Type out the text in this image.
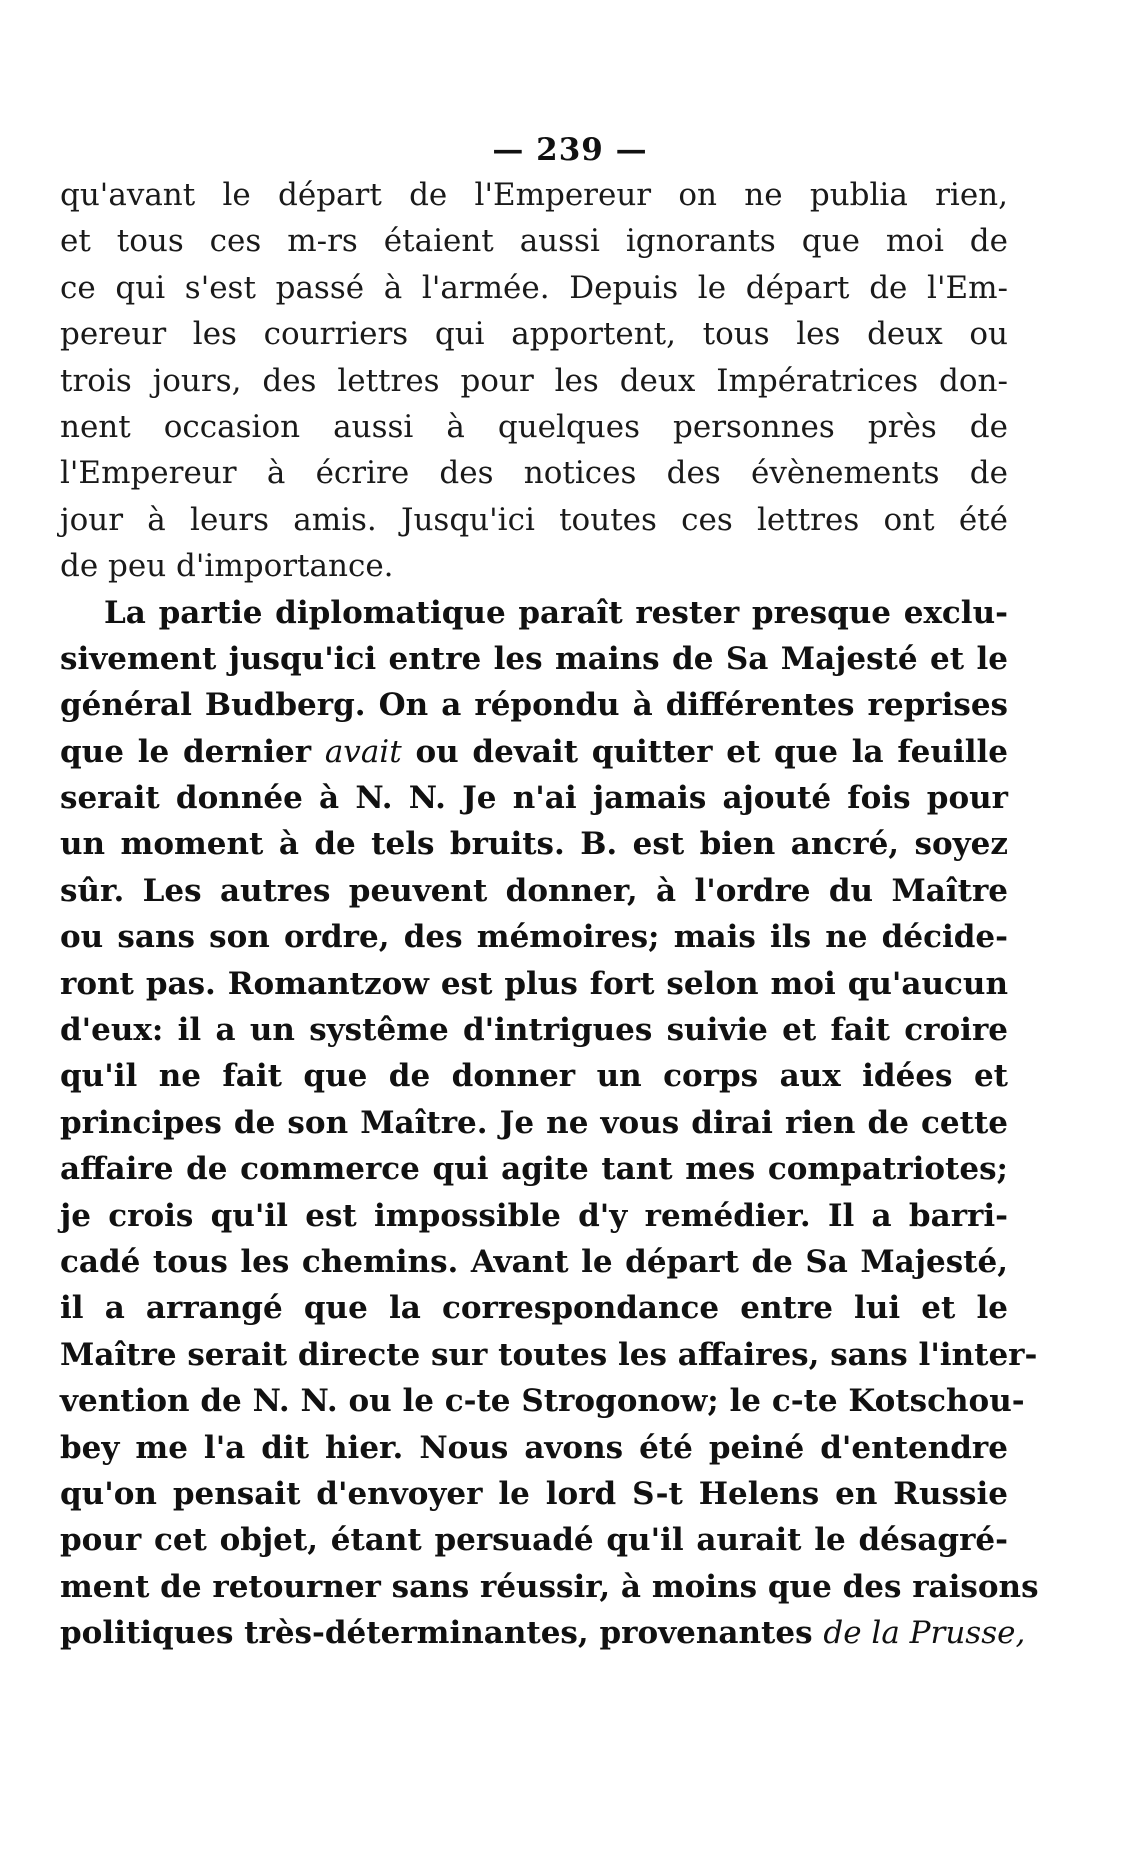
— 239 —
qu'avant le départ de l'Empereur on ne publia rien,
et tous ces m-rs étaient aussi ignorants que moi de
ce qui s'est passé à l'armée. Depuis le départ de l'Em-
pereur les courriers qui apportent, tous les deux ou
trois jours, des lettres pour les deux Impératrices don-
nent occasion aussi à quelques personnes près de
l'Empereur à écrire des notices des évènements de
jour à leurs amis. Jusqu'ici toutes ces lettres ont été
de peu d'importance.
La partie diplomatique paraît rester presque exclu-
sivement jusqu'ici entre les mains de Sa Majesté et le
général Budberg. On a répondu à différentes reprises
que le dernier avait ou devait quitter et que la feuille
serait donnée à N. N. Je n'ai jamais ajouté fois pour
un moment à de tels bruits. B. est bien ancré, soyez
sûr. Les autres peuvent donner, à l'ordre du Maître
ou sans son ordre, des mémoires; mais ils ne décide-
ront pas. Romantzow est plus fort selon moi qu'aucun
d'eux: il a un systême d'intrigues suivie et fait croire
qu'il ne fait que de donner un corps aux idées et
principes de son Maître. Je ne vous dirai rien de cette
affaire de commerce qui agite tant mes compatriotes;
je crois qu'il est impossible d'y remédier. Il a barri-
cadé tous les chemins. Avant le départ de Sa Majesté,
il a arrangé que la correspondance entre lui et le
Maître serait directe sur toutes les affaires, sans l'inter-
vention de N. N. ou le c-te Strogonow; le c-te Kotschou-
bey me l'a dit hier. Nous avons été peiné d'entendre
qu'on pensait d'envoyer le lord S-t Helens en Russie
pour cet objet, étant persuadé qu'il aurait le désagré-
ment de retourner sans réussir, à moins que des raisons
politiques très-déterminantes, provenantes de la Prusse,
